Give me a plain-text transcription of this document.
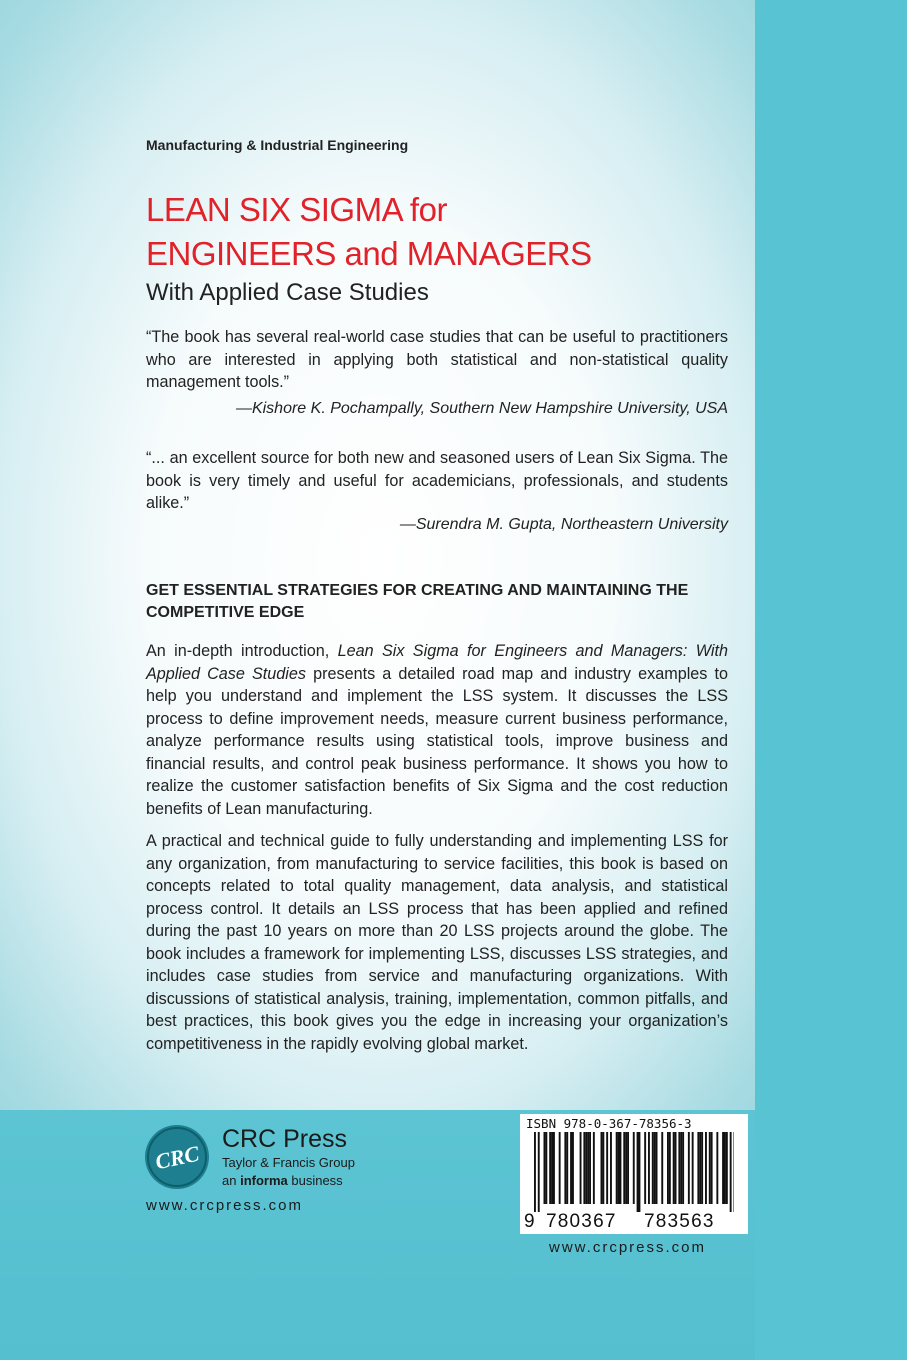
Manufacturing & Industrial Engineering
LEAN SIX SIGMA for
ENGINEERS and MANAGERS
With Applied Case Studies
“The book has several real-world case studies that can be useful to practitioners who are interested in applying both statistical and non-statistical quality management tools.”
—Kishore K. Pochampally, Southern New Hampshire University, USA
“... an excellent source for both new and seasoned users of Lean Six Sigma. The book is very timely and useful for academicians, professionals, and students alike.”
—Surendra M. Gupta, Northeastern University
GET ESSENTIAL STRATEGIES FOR CREATING AND MAINTAINING THE COMPETITIVE EDGE
An in-depth introduction, Lean Six Sigma for Engineers and Managers: With Applied Case Studies presents a detailed road map and industry examples to help you understand and implement the LSS system. It discusses the LSS process to define improvement needs, measure current business performance, analyze performance results using statistical tools, improve business and financial results, and control peak business performance. It shows you how to realize the customer satisfaction benefits of Six Sigma and the cost reduction benefits of Lean manufacturing.
A practical and technical guide to fully understanding and implementing LSS for any organization, from manufacturing to service facilities, this book is based on concepts related to total quality management, data analysis, and statistical process control. It details an LSS process that has been applied and refined during the past 10 years on more than 20 LSS projects around the globe. The book includes a framework for implementing LSS, discusses LSS strategies, and includes case studies from service and manufacturing organizations. With discussions of statistical analysis, training, implementation, common pitfalls, and best practices, this book gives you the edge in increasing your organization’s competitiveness in the rapidly evolving global market.
CRC
CRC Press
Taylor & Francis Group
an informa business
www.crcpress.com
ISBN 978-0-367-78356-3
9 780367 783563
www.crcpress.com
